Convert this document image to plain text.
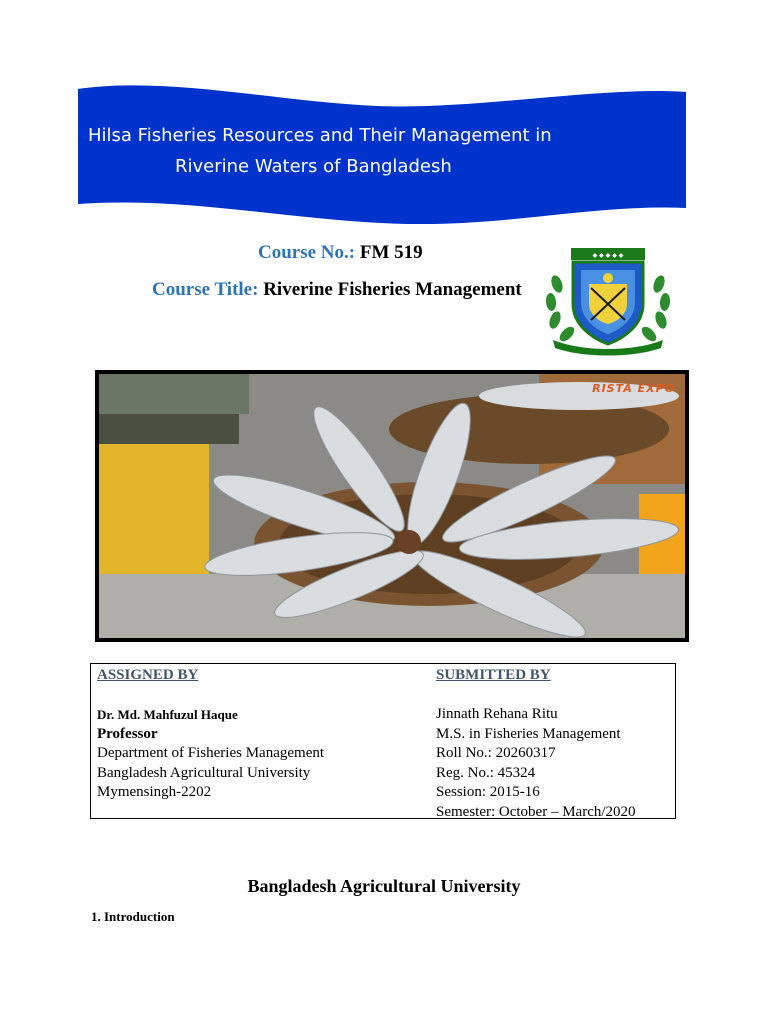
Hilsa Fisheries Resources and Their Management in
Riverine Waters of Bangladesh
Course No.: FM 519
Course Title: Riverine Fisheries Management
◆ ◆ ◆ ◆ ◆
RISTA EXPO
ASSIGNED BY
Dr. Md. Mahfuzul Haque
Professor
Department of Fisheries Management
Bangladesh Agricultural University
Mymensingh-2202
SUBMITTED BY
Jinnath Rehana Ritu
M.S. in Fisheries Management
Roll No.: 20260317
Reg. No.: 45324
Session: 2015-16
Semester: October – March/2020
Bangladesh Agricultural University
1. Introduction
